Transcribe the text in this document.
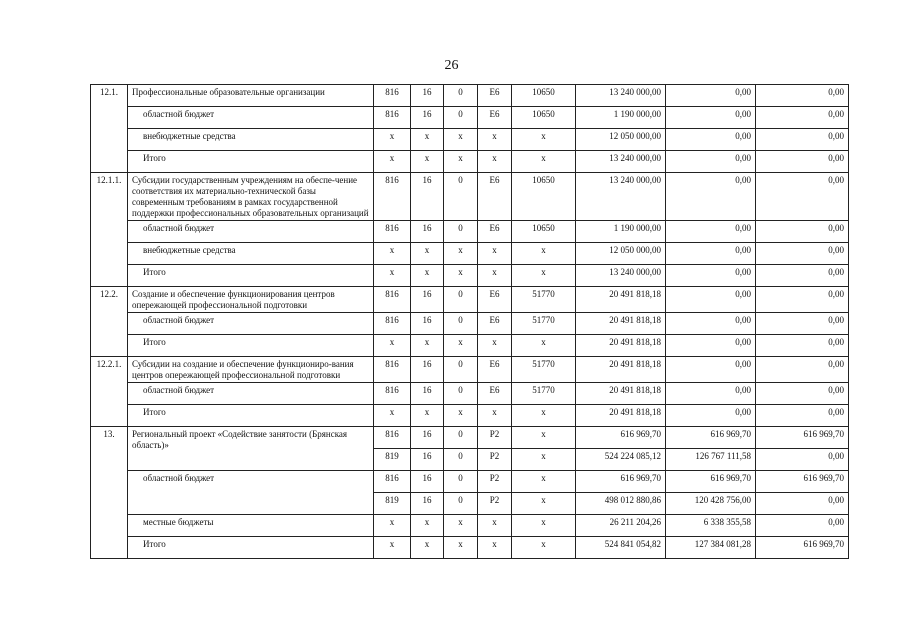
26
12.1.	Профессиональные образовательные организации	816	16	0	Е6	10650	13 240 000,00	0,00	0,00
	областной бюджет	816	16	0	Е6	10650	1 190 000,00	0,00	0,00
	внебюджетные средства	х	х	х	х	х	12 050 000,00	0,00	0,00
	Итого	х	х	х	х	х	13 240 000,00	0,00	0,00
12.1.1.	Субсидии государственным учреждениям на обеспе-чение соответствия их материально-технической базы современным требованиям в рамках государственной поддержки профессиональных образовательных организаций	816	16	0	Е6	10650	13 240 000,00	0,00	0,00
	областной бюджет	816	16	0	Е6	10650	1 190 000,00	0,00	0,00
	внебюджетные средства	х	х	х	х	х	12 050 000,00	0,00	0,00
	Итого	х	х	х	х	х	13 240 000,00	0,00	0,00
12.2.	Создание и обеспечение функционирования центров опережающей профессиональной подготовки	816	16	0	Е6	51770	20 491 818,18	0,00	0,00
	областной бюджет	816	16	0	Е6	51770	20 491 818,18	0,00	0,00
	Итого	х	х	х	х	х	20 491 818,18	0,00	0,00
12.2.1.	Субсидии на создание и обеспечение функциониро-вания центров опережающей профессиональной подготовки	816	16	0	Е6	51770	20 491 818,18	0,00	0,00
	областной бюджет	816	16	0	Е6	51770	20 491 818,18	0,00	0,00
	Итого	х	х	х	х	х	20 491 818,18	0,00	0,00
13.	Региональный проект «Содействие занятости (Брянская область)»	816	16	0	Р2	х	616 969,70	616 969,70	616 969,70
		819	16	0	Р2	х	524 224 085,12	126 767 111,58	0,00
	областной бюджет	816	16	0	Р2	х	616 969,70	616 969,70	616 969,70
		819	16	0	Р2	х	498 012 880,86	120 428 756,00	0,00
	местные бюджеты	х	х	х	х	х	26 211 204,26	6 338 355,58	0,00
	Итого	х	х	х	х	х	524 841 054,82	127 384 081,28	616 969,70
